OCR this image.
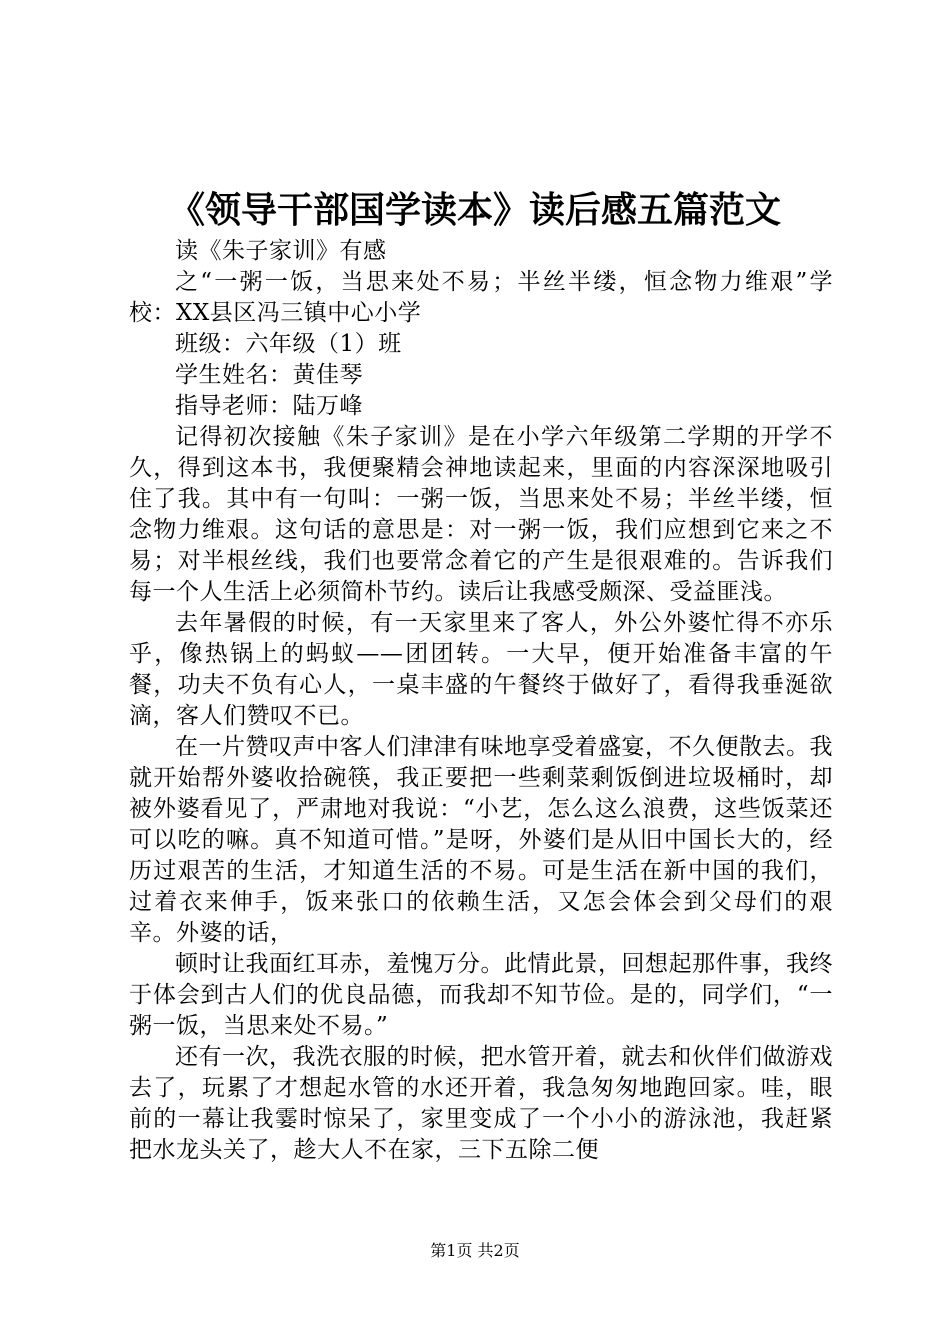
《领导干部国学读本》读后感五篇范文

读《朱子家训》有感

之“一粥一饭，当思来处不易；半丝半缕，恒念物力维艰”学校：XX县区冯三镇中心小学

班级：六年级（1）班

学生姓名：黄佳琴

指导老师：陆万峰

记得初次接触《朱子家训》是在小学六年级第二学期的开学不久，得到这本书，我便聚精会神地读起来，里面的内容深深地吸引住了我。其中有一句叫：一粥一饭，当思来处不易；半丝半缕，恒念物力维艰。这句话的意思是：对一粥一饭，我们应想到它来之不易；对半根丝线，我们也要常念着它的产生是很艰难的。告诉我们每一个人生活上必须简朴节约。读后让我感受颇深、受益匪浅。

去年暑假的时候，有一天家里来了客人，外公外婆忙得不亦乐乎，像热锅上的蚂蚁——团团转。一大早，便开始准备丰富的午餐，功夫不负有心人，一桌丰盛的午餐终于做好了，看得我垂涎欲滴，客人们赞叹不已。

在一片赞叹声中客人们津津有味地享受着盛宴，不久便散去。我就开始帮外婆收拾碗筷，我正要把一些剩菜剩饭倒进垃圾桶时，却被外婆看见了，严肃地对我说：“小艺，怎么这么浪费，这些饭菜还可以吃的嘛。真不知道可惜。”是呀，外婆们是从旧中国长大的，经历过艰苦的生活，才知道生活的不易。可是生活在新中国的我们，过着衣来伸手，饭来张口的依赖生活，又怎会体会到父母们的艰辛。外婆的话，

顿时让我面红耳赤，羞愧万分。此情此景，回想起那件事，我终于体会到古人们的优良品德，而我却不知节俭。是的，同学们，“一粥一饭，当思来处不易。”

还有一次，我洗衣服的时候，把水管开着，就去和伙伴们做游戏去了，玩累了才想起水管的水还开着，我急匆匆地跑回家。哇，眼前的一幕让我霎时惊呆了，家里变成了一个小小的游泳池，我赶紧把水龙头关了，趁大人不在家，三下五除二便

第1页 共2页
